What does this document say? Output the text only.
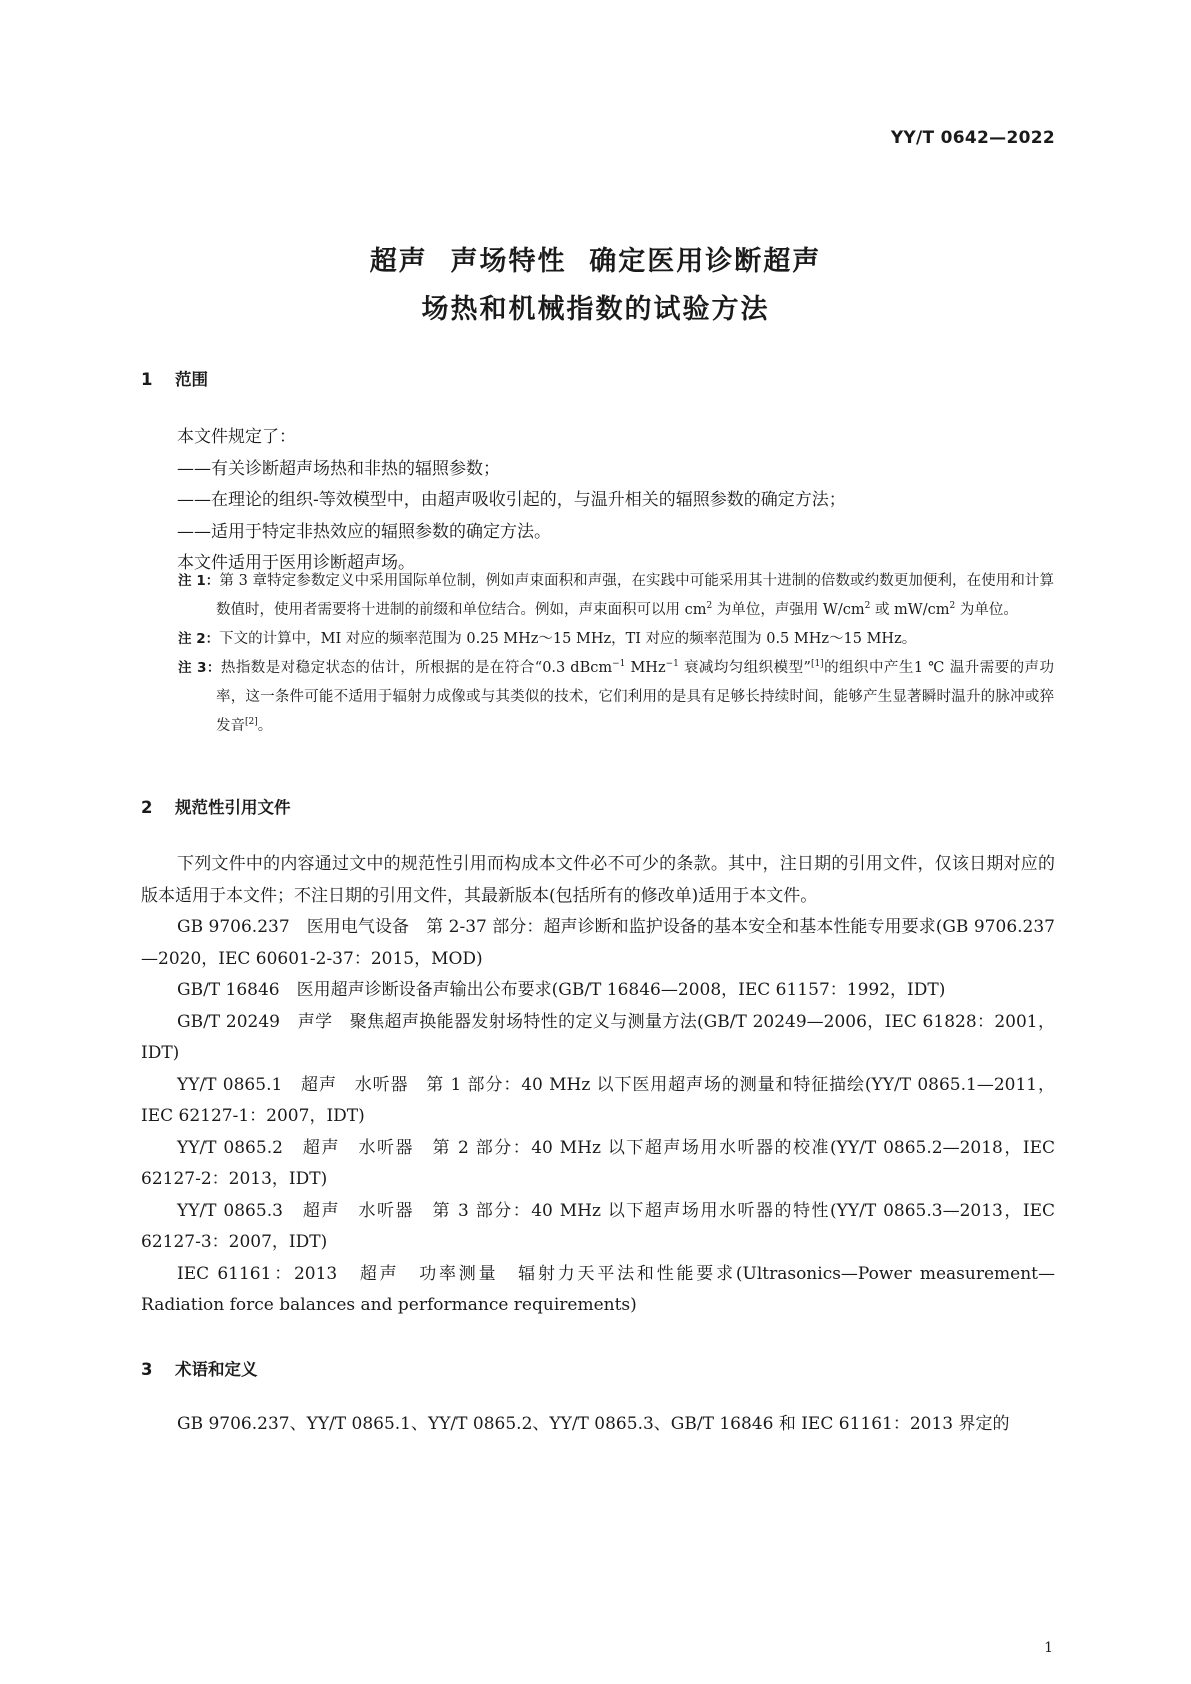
YY/T 0642—2022
超声  声场特性  确定医用诊断超声
场热和机械指数的试验方法
1 范围

本文件规定了：

——有关诊断超声场热和非热的辐照参数；

——在理论的组织-等效模型中，由超声吸收引起的，与温升相关的辐照参数的确定方法；

——适用于特定非热效应的辐照参数的确定方法。

本文件适用于医用诊断超声场。

注 1：第 3 章特定参数定义中采用国际单位制，例如声束面积和声强，在实践中可能采用其十进制的倍数或约数更加便利，在使用和计算数值时，使用者需要将十进制的前缀和单位结合。例如，声束面积可以用 $cm^2$ 为单位，声强用 $W/cm^2$ 或 $mW/cm^2$ 为单位。

注 2：下文的计算中，MI 对应的频率范围为 0.25 MHz～15 MHz，TI 对应的频率范围为 0.5 MHz～15 MHz。

注 3：热指数是对稳定状态的估计，所根据的是在符合“0.3 dBcm$^{-1}$ MHz$^{-1}$ 衰减均匀组织模型”[1]的组织中产生1 ℃ 温升需要的声功率，这一条件可能不适用于辐射力成像或与其类似的技术，它们利用的是具有足够长持续时间，能够产生显著瞬时温升的脉冲或猝发音[2]。

2 规范性引用文件

下列文件中的内容通过文中的规范性引用而构成本文件必不可少的条款。其中，注日期的引用文件，仅该日期对应的版本适用于本文件；不注日期的引用文件，其最新版本(包括所有的修改单)适用于本文件。

GB 9706.237　医用电气设备　第 2-37 部分：超声诊断和监护设备的基本安全和基本性能专用要求(GB 9706.237—2020，IEC 60601-2-37：2015，MOD)

GB/T 16846　医用超声诊断设备声输出公布要求(GB/T 16846—2008，IEC 61157：1992，IDT)

GB/T 20249　声学　聚焦超声换能器发射场特性的定义与测量方法(GB/T 20249—2006，IEC 61828：2001，IDT)

YY/T 0865.1　超声　水听器　第 1 部分：40 MHz 以下医用超声场的测量和特征描绘(YY/T 0865.1—2011，IEC 62127-1：2007，IDT)

YY/T 0865.2　超声　水听器　第 2 部分：40 MHz 以下超声场用水听器的校准(YY/T 0865.2—2018，IEC 62127-2：2013，IDT)

YY/T 0865.3　超声　水听器　第 3 部分：40 MHz 以下超声场用水听器的特性(YY/T 0865.3—2013，IEC 62127-3：2007，IDT)

IEC 61161：2013　超声　功率测量　辐射力天平法和性能要求(Ultrasonics—Power measurement—Radiation force balances and performance requirements)

3 术语和定义

GB 9706.237、YY/T 0865.1、YY/T 0865.2、YY/T 0865.3、GB/T 16846 和 IEC 61161：2013 界定的

1
